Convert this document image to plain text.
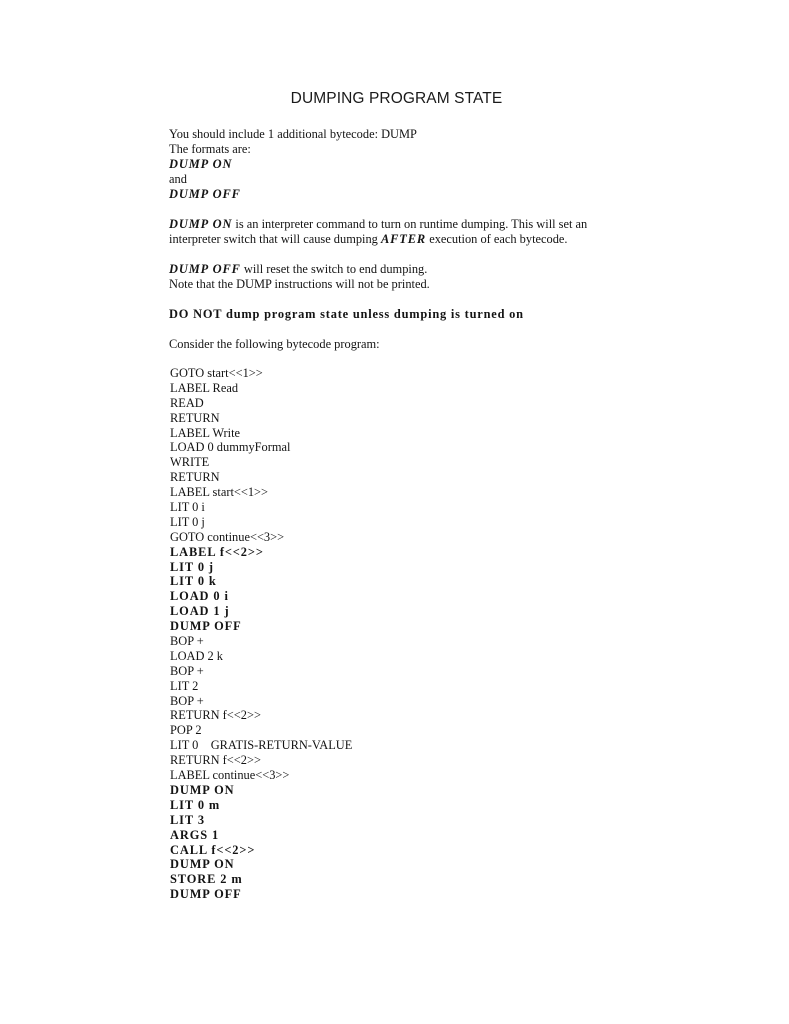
DUMPING PROGRAM STATE
You should include 1 additional bytecode: DUMP
The formats are:
DUMP ON
and
DUMP OFF
DUMP ON is an interpreter command to turn on runtime dumping. This will set an
interpreter switch that will cause dumping AFTER execution of each bytecode.
DUMP OFF will reset the switch to end dumping.
Note that the DUMP instructions will not be printed.
DO NOT dump program state unless dumping is turned on
Consider the following bytecode program:
GOTO start<<1>>
LABEL Read
READ
RETURN
LABEL Write
LOAD 0 dummyFormal
WRITE
RETURN
LABEL start<<1>>
LIT 0 i
LIT 0 j
GOTO continue<<3>>
LABEL f<<2>>
LIT 0 j
LIT 0 k
LOAD 0 i
LOAD 1 j
DUMP OFF
BOP +
LOAD 2 k
BOP +
LIT 2
BOP +
RETURN f<<2>>
POP 2
LIT 0    GRATIS-RETURN-VALUE
RETURN f<<2>>
LABEL continue<<3>>
DUMP ON
LIT 0 m
LIT 3
ARGS 1
CALL f<<2>>
DUMP ON
STORE 2 m
DUMP OFF
